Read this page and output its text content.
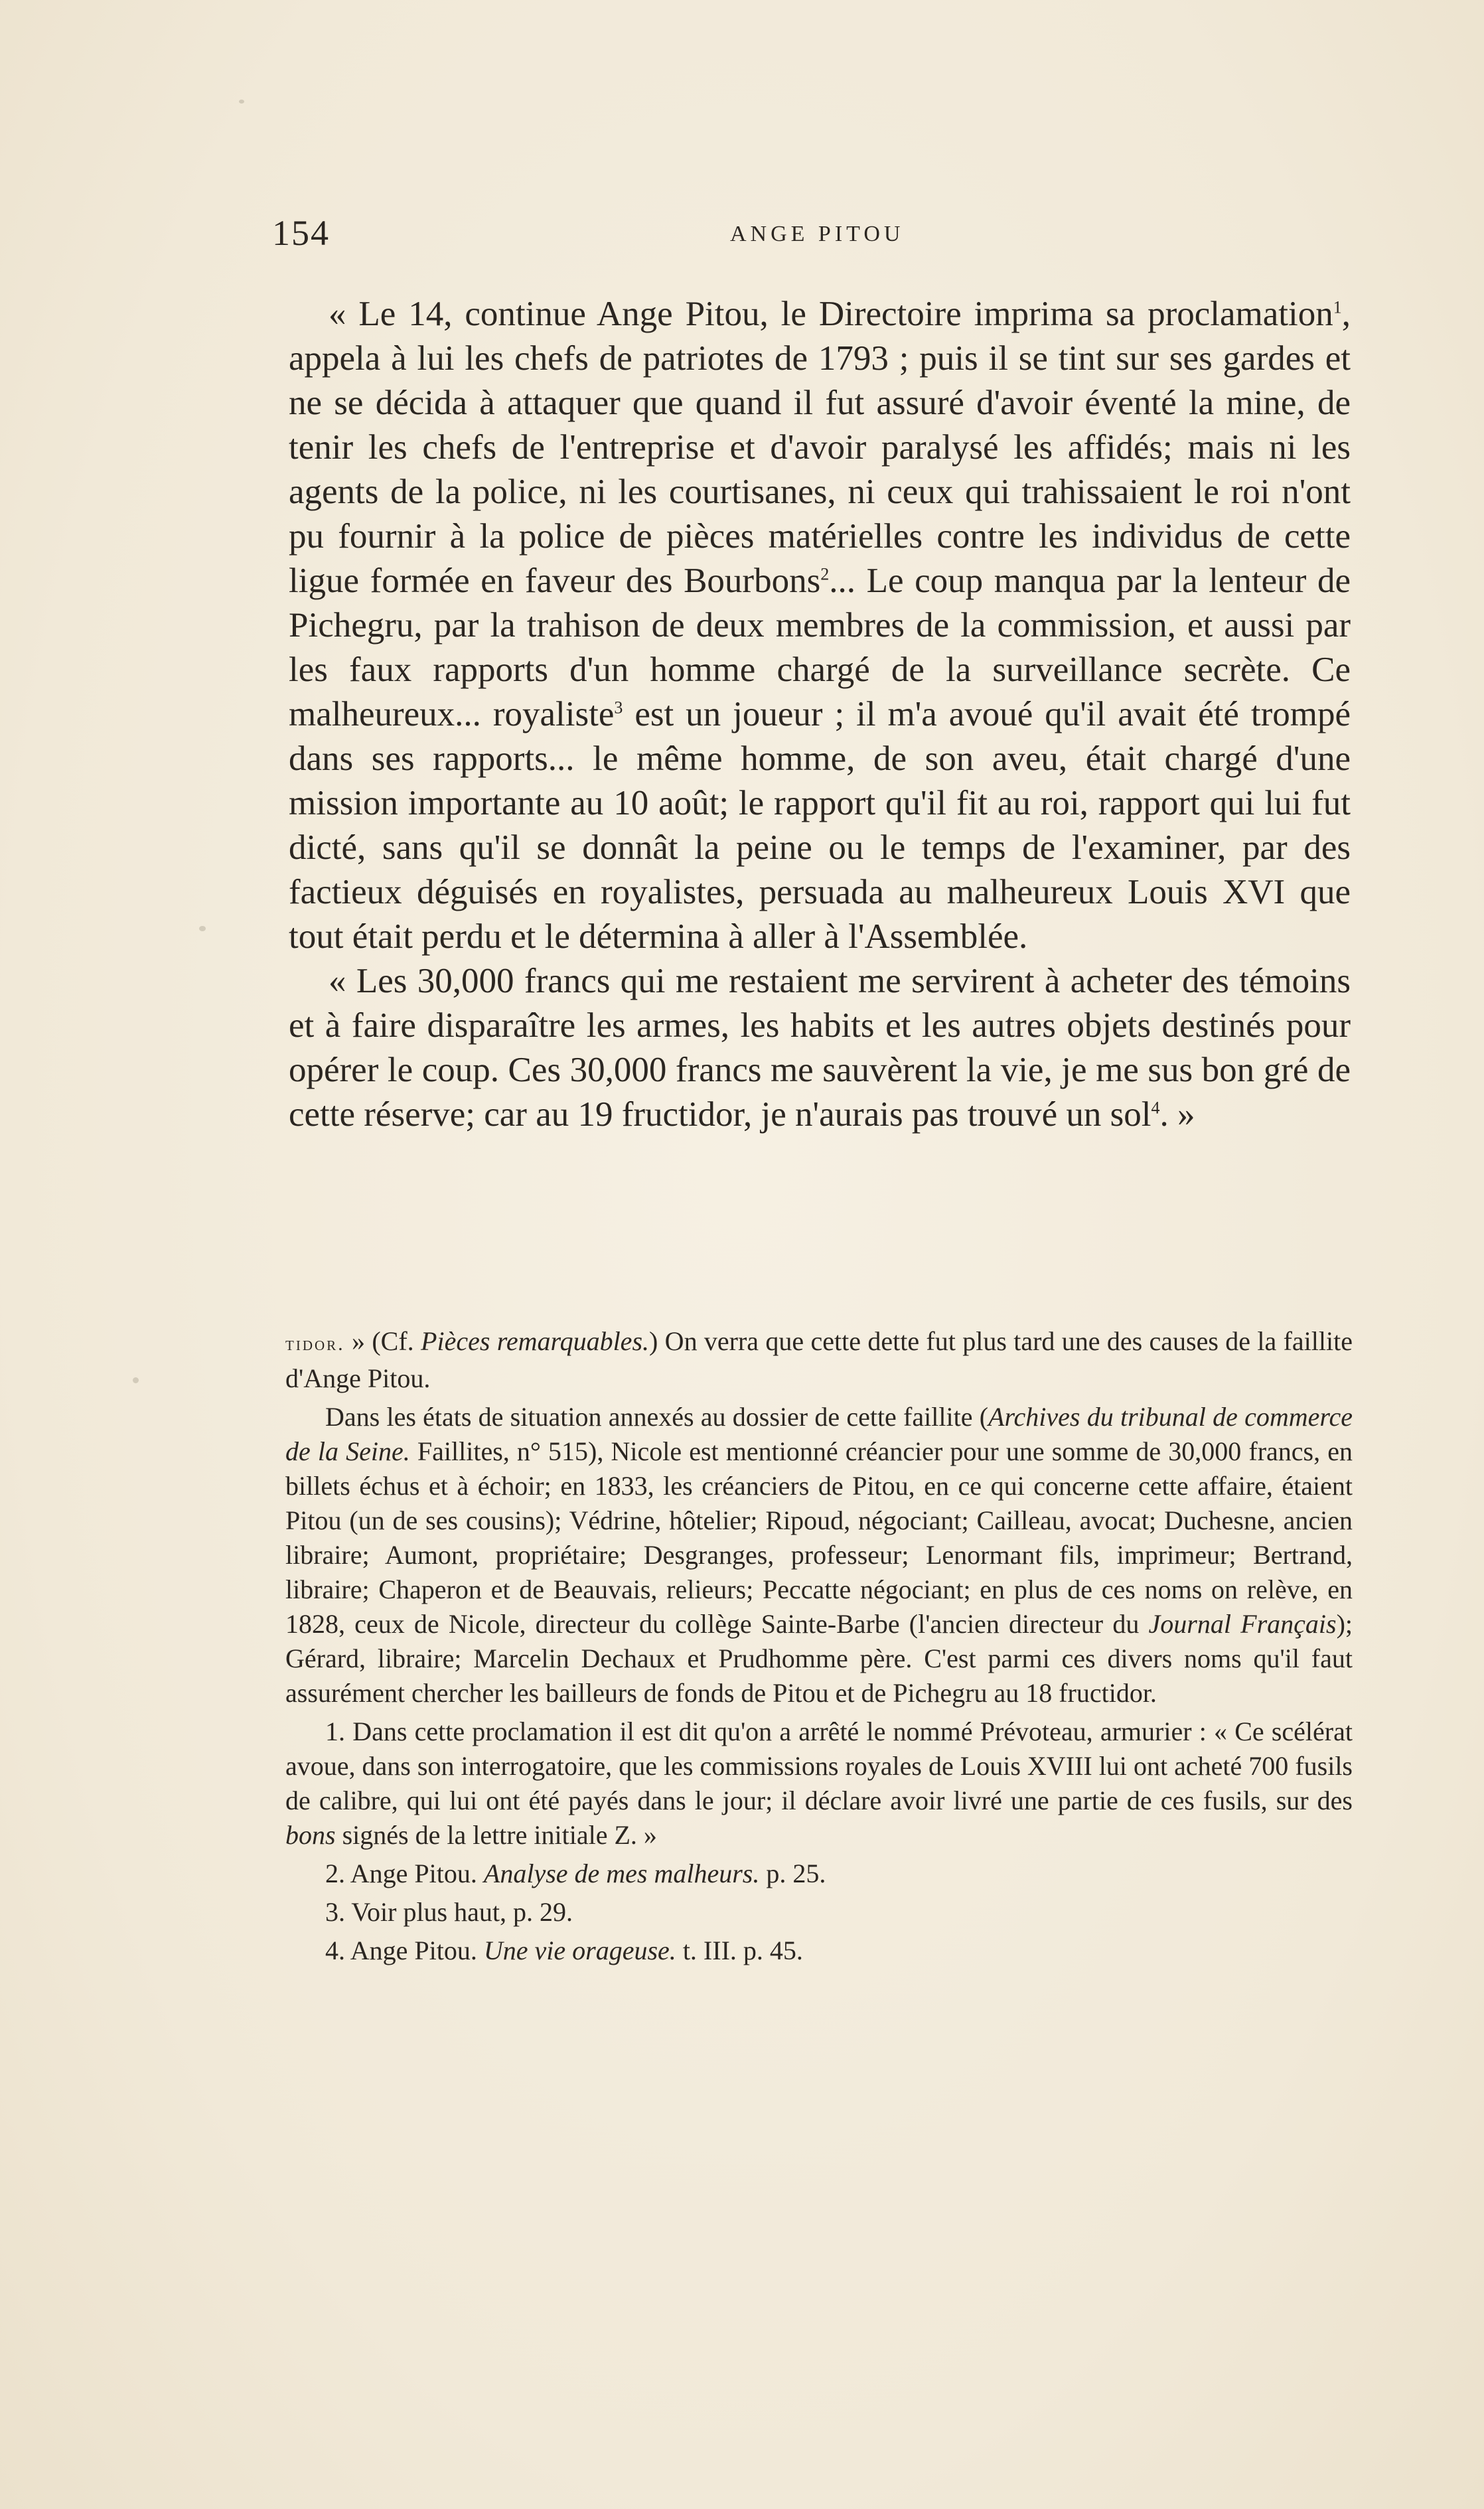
154	ANGE PITOU

« Le 14, continue Ange Pitou, le Directoire imprima sa proclamation$^1$, appela à lui les chefs de patriotes de 1793 ; puis il se tint sur ses gardes et ne se décida à attaquer que quand il fut assuré d'avoir éventé la mine, de tenir les chefs de l'entreprise et d'avoir paralysé les affidés; mais ni les agents de la police, ni les courtisanes, ni ceux qui trahissaient le roi n'ont pu fournir à la police de pièces matérielles contre les individus de cette ligue formée en faveur des Bourbons$^2$... Le coup manqua par la lenteur de Pichegru, par la trahison de deux membres de la commission, et aussi par les faux rapports d'un homme chargé de la surveillance secrète. Ce malheureux... royaliste$^3$ est un joueur ; il m'a avoué qu'il avait été trompé dans ses rapports... le même homme, de son aveu, était chargé d'une mission importante au 10 août; le rapport qu'il fit au roi, rapport qui lui fut dicté, sans qu'il se donnât la peine ou le temps de l'examiner, par des factieux déguisés en royalistes, persuada au malheureux Louis XVI que tout était perdu et le détermina à aller à l'Assemblée.

« Les 30,000 francs qui me restaient me servirent à acheter des témoins et à faire disparaître les armes, les habits et les autres objets destinés pour opérer le coup. Ces 30,000 francs me sauvèrent la vie, je me sus bon gré de cette réserve; car au 19 fructidor, je n'aurais pas trouvé un sol$^4$. »

tidor. » (Cf. Pièces remarquables.) On verra que cette dette fut plus tard une des causes de la faillite d'Ange Pitou.

Dans les états de situation annexés au dossier de cette faillite (Archives du tribunal de commerce de la Seine. Faillites, n° 515), Nicole est mentionné créancier pour une somme de 30,000 francs, en billets échus et à échoir; en 1833, les créanciers de Pitou, en ce qui concerne cette affaire, étaient Pitou (un de ses cousins); Védrine, hôtelier; Ripoud, négociant; Cailleau, avocat; Duchesne, ancien libraire; Aumont, propriétaire; Desgranges, professeur; Lenormant fils, imprimeur; Bertrand, libraire; Chaperon et de Beauvais, relieurs; Peccatte négociant; en plus de ces noms on relève, en 1828, ceux de Nicole, directeur du collège Sainte-Barbe (l'ancien directeur du Journal Français); Gérard, libraire; Marcelin Dechaux et Prudhomme père. C'est parmi ces divers noms qu'il faut assurément chercher les bailleurs de fonds de Pitou et de Pichegru au 18 fructidor.

1. Dans cette proclamation il est dit qu'on a arrêté le nommé Prévoteau, armurier : « Ce scélérat avoue, dans son interrogatoire, que les commissions royales de Louis XVIII lui ont acheté 700 fusils de calibre, qui lui ont été payés dans le jour; il déclare avoir livré une partie de ces fusils, sur des bons signés de la lettre initiale Z. »

2. Ange Pitou. Analyse de mes malheurs. p. 25.

3. Voir plus haut, p. 29.

4. Ange Pitou. Une vie orageuse. t. III. p. 45.
